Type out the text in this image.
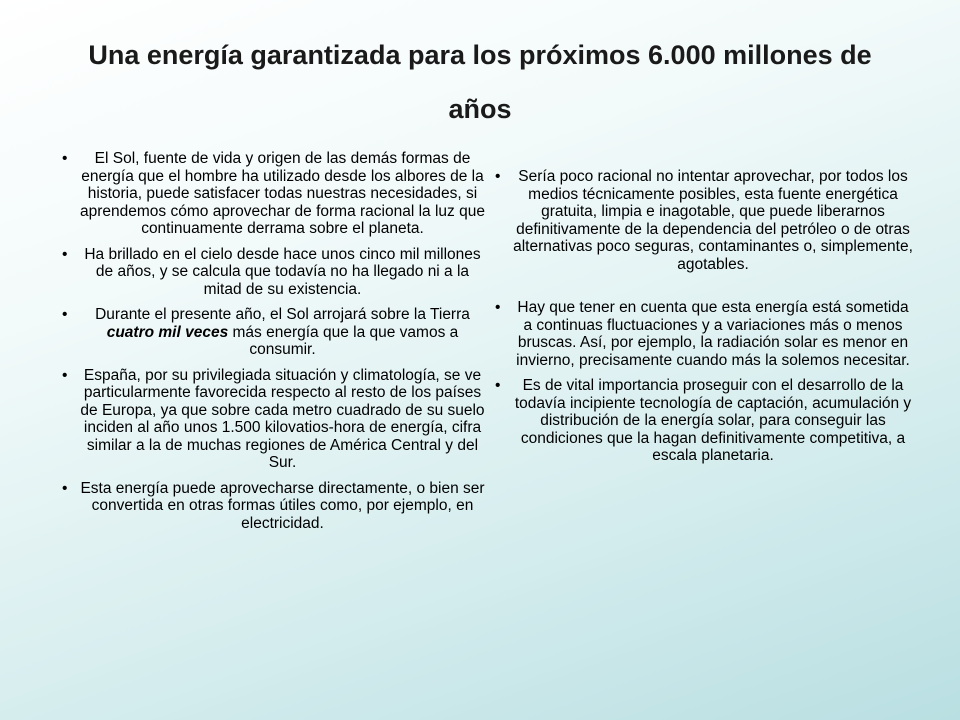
Una energía garantizada para los próximos 6.000 millones de años

• El Sol, fuente de vida y origen de las demás formas de energía que el hombre ha utilizado desde los albores de la historia, puede satisfacer todas nuestras necesidades, si aprendemos cómo aprovechar de forma racional la luz que continuamente derrama sobre el planeta.

• Ha brillado en el cielo desde hace unos cinco mil millones de años, y se calcula que todavía no ha llegado ni a la mitad de su existencia.

• Durante el presente año, el Sol arrojará sobre la Tierra cuatro mil veces más energía que la que vamos a consumir.

• España, por su privilegiada situación y climatología, se ve particularmente favorecida respecto al resto de los países de Europa, ya que sobre cada metro cuadrado de su suelo inciden al año unos 1.500 kilovatios-hora de energía, cifra similar a la de muchas regiones de América Central y del Sur.

• Esta energía puede aprovecharse directamente, o bien ser convertida en otras formas útiles como, por ejemplo, en electricidad.

• Sería poco racional no intentar aprovechar, por todos los medios técnicamente posibles, esta fuente energética gratuita, limpia e inagotable, que puede liberarnos definitivamente de la dependencia del petróleo o de otras alternativas poco seguras, contaminantes o, simplemente, agotables.

• Hay que tener en cuenta que esta energía está sometida a continuas fluctuaciones y a variaciones más o menos bruscas. Así, por ejemplo, la radiación solar es menor en invierno, precisamente cuando más la solemos necesitar.

• Es de vital importancia proseguir con el desarrollo de la todavía incipiente tecnología de captación, acumulación y distribución de la energía solar, para conseguir las condiciones que la hagan definitivamente competitiva, a escala planetaria.
